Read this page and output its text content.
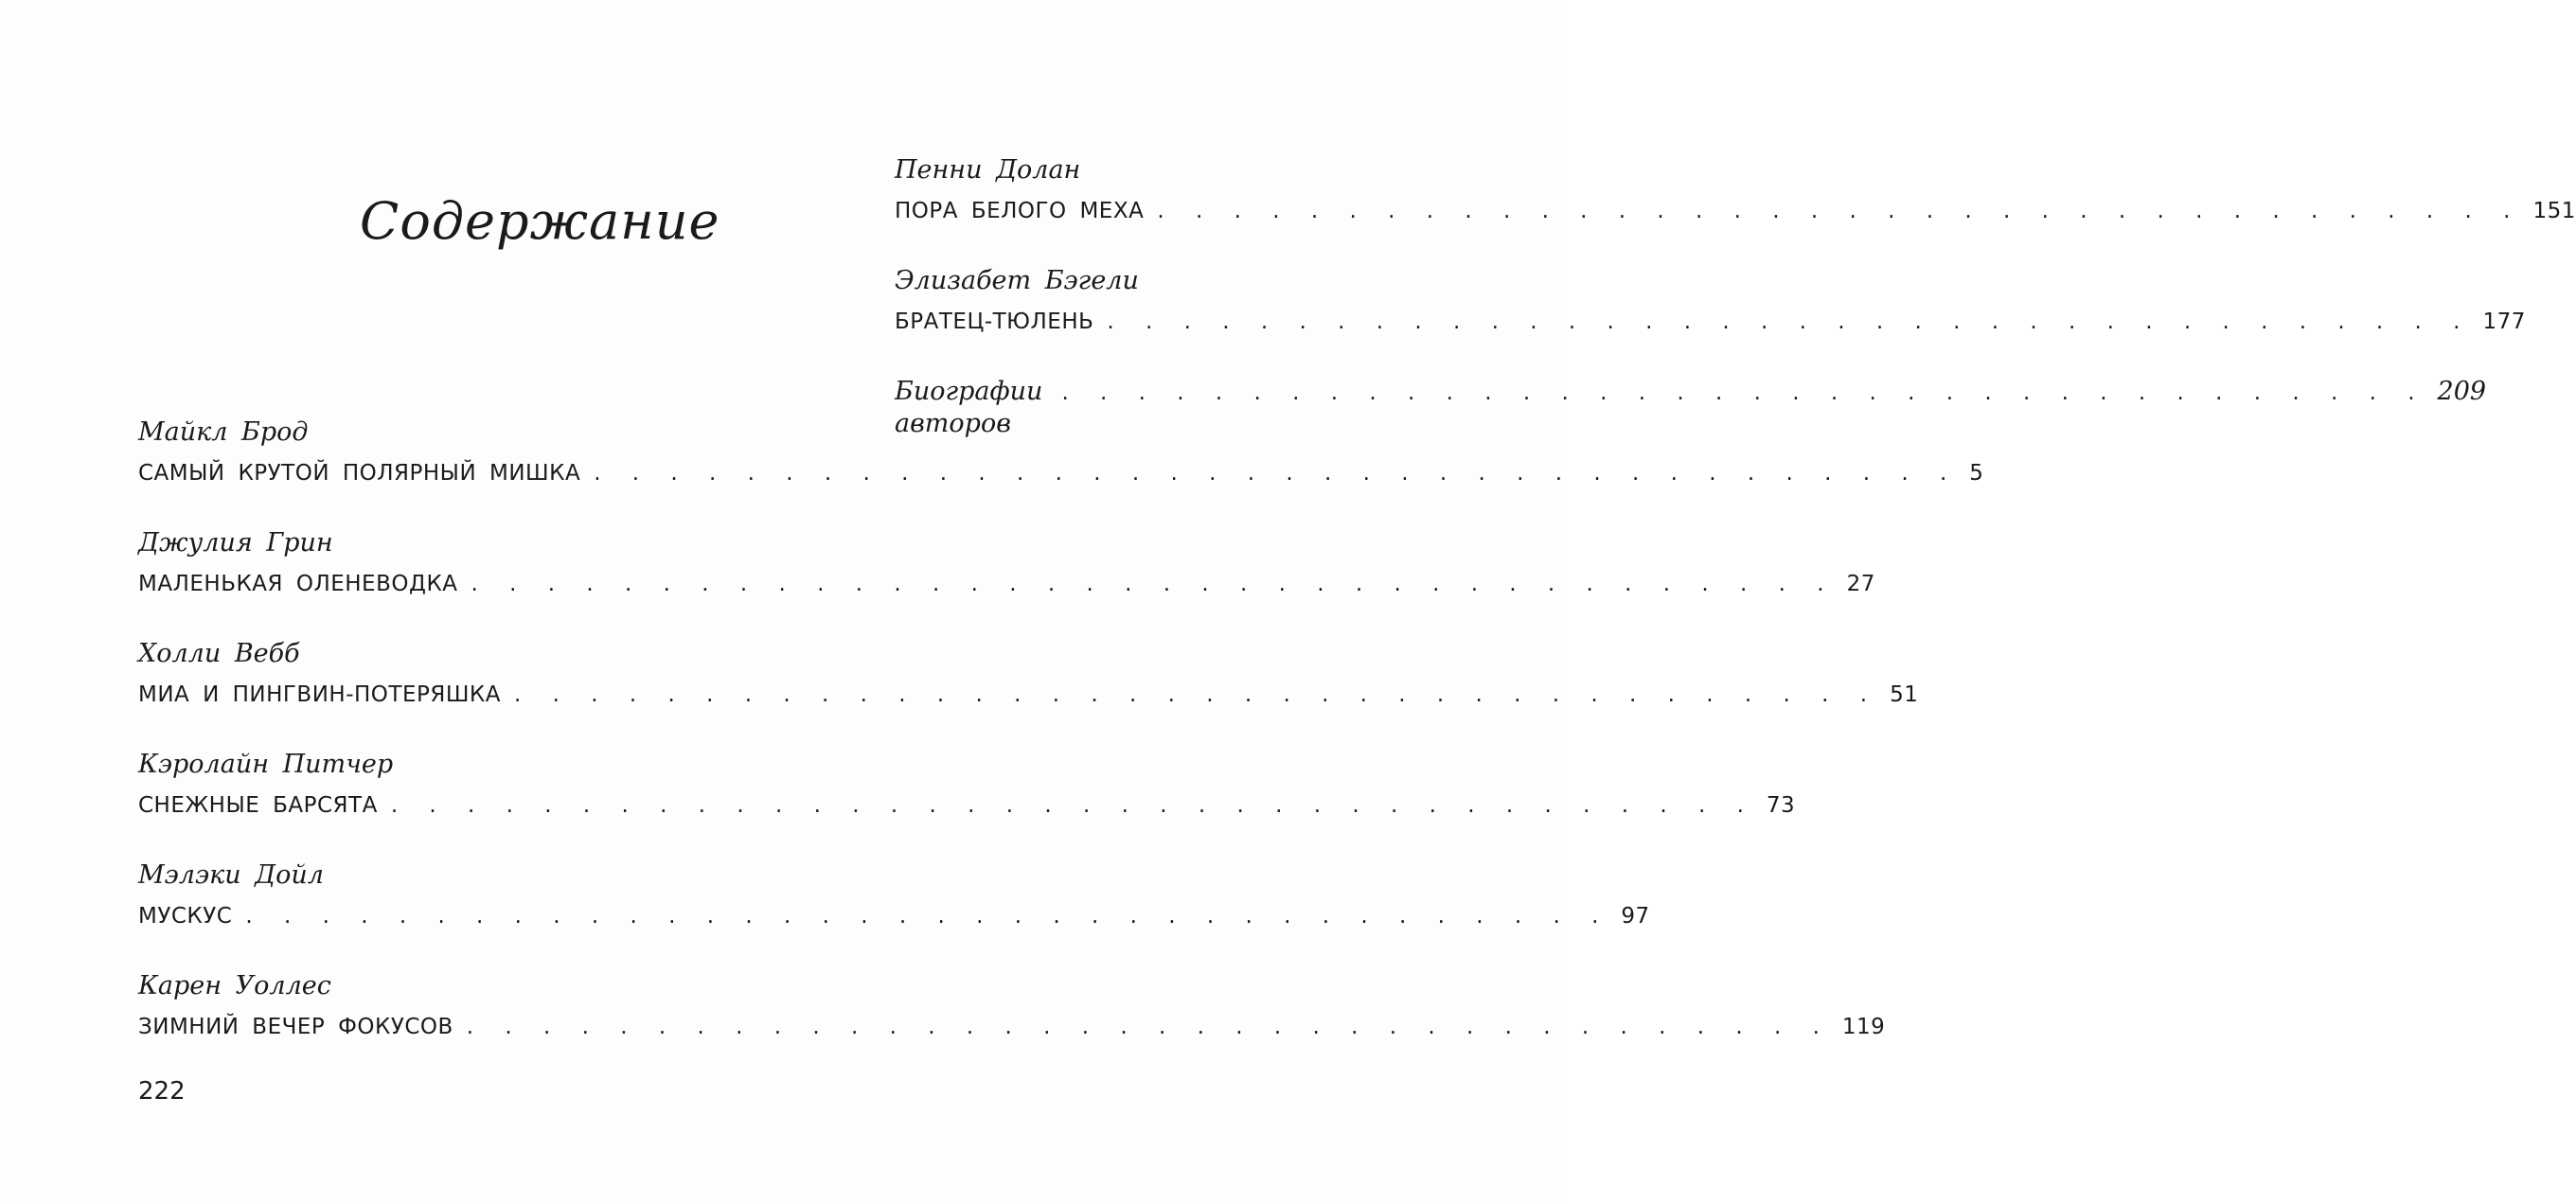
Содержание
Майкл Брод
САМЫЙ КРУТОЙ ПОЛЯРНЫЙ МИШКА . . . . . . . . . . . . . . . . . . . . . . . . . . . . . . . . . . . . 5
Джулия Грин
МАЛЕНЬКАЯ ОЛЕНЕВОДКА . . . . . . . . . . . . . . . . . . . . . . . . . . . . . . . . . . . . 27
Холли Вебб
МИА И ПИНГВИН-ПОТЕРЯШКА . . . . . . . . . . . . . . . . . . . . . . . . . . . . . . . . . . . . 51
Кэролайн Питчер
СНЕЖНЫЕ БАРСЯТА . . . . . . . . . . . . . . . . . . . . . . . . . . . . . . . . . . . . 73
Мэлэки Дойл
МУСКУС . . . . . . . . . . . . . . . . . . . . . . . . . . . . . . . . . . . . 97
Карен Уоллес
ЗИМНИЙ ВЕЧЕР ФОКУСОВ . . . . . . . . . . . . . . . . . . . . . . . . . . . . . . . . . . . . 119
Пенни Долан
ПОРА БЕЛОГО МЕХА . . . . . . . . . . . . . . . . . . . . . . . . . . . . . . . . . . . . 151
Элизабет Бэгели
БРАТЕЦ-ТЮЛЕНЬ . . . . . . . . . . . . . . . . . . . . . . . . . . . . . . . . . . . . 177
Биографии авторов
. . . . . . . . . . . . . . . . . . . . . . . . . . . . . . . . . . . . 209
222
